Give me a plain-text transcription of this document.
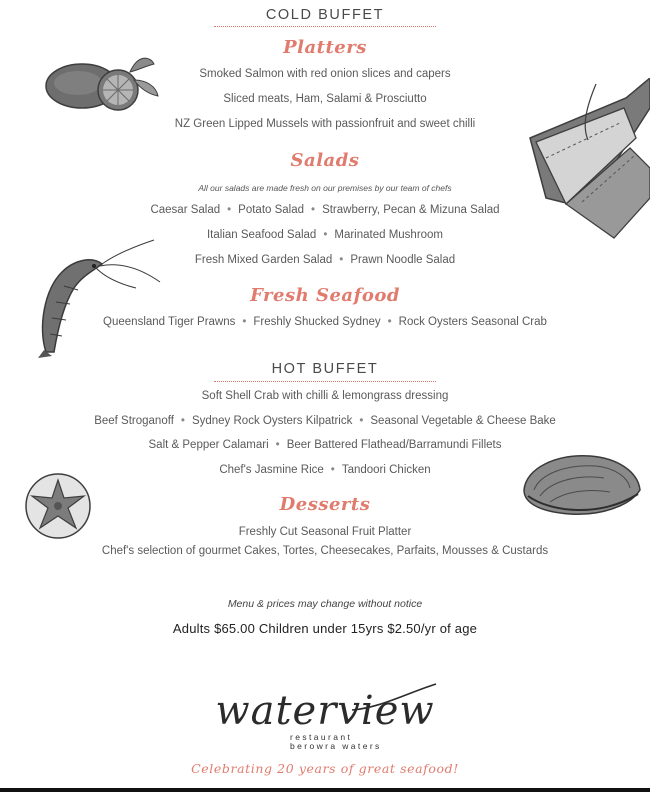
COLD BUFFET
Platters
Smoked Salmon with red onion slices and capers
Sliced meats, Ham, Salami & Prosciutto
NZ Green Lipped Mussels with passionfruit and sweet chilli
Salads
All our salads are made fresh on our premises by our team of chefs
Caesar Salad • Potato Salad • Strawberry, Pecan & Mizuna Salad
Italian Seafood Salad • Marinated Mushroom
Fresh Mixed Garden Salad • Prawn Noodle Salad
Fresh Seafood
Queensland Tiger Prawns • Freshly Shucked Sydney • Rock Oysters Seasonal Crab
HOT BUFFET
Soft Shell Crab with chilli & lemongrass dressing
Beef Stroganoff • Sydney Rock Oysters Kilpatrick • Seasonal Vegetable & Cheese Bake
Salt & Pepper Calamari • Beer Battered Flathead/Barramundi Fillets
Chef's Jasmine Rice • Tandoori Chicken
Desserts
Freshly Cut Seasonal Fruit Platter
Chef's selection of gourmet Cakes, Tortes, Cheesecakes, Parfaits, Mousses & Custards
Menu & prices may change without notice
Adults $65.00 Children under 15yrs $2.50/yr of age
waterview
restaurant
berowra waters
Celebrating 20 years of great seafood!
